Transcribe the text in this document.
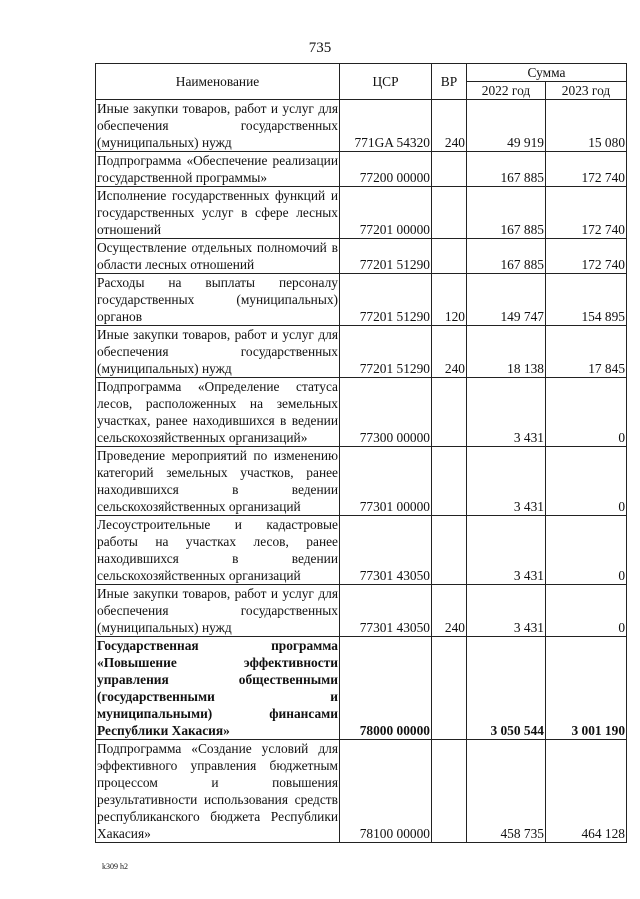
735
Наименование	ЦСР	ВР	Сумма	
			2022 год	2023 год
Иные закупки товаров, работ и услуг для обеспечения государственных (муниципальных) нужд	771GA 54320	240	49 919	15 080
Подпрограмма «Обеспечение реализации государственной программы»	77200 00000		167 885	172 740
Исполнение государственных функций и государственных услуг в сфере лесных отношений	77201 00000		167 885	172 740
Осуществление отдельных полномочий в области лесных отношений	77201 51290		167 885	172 740
Расходы на выплаты персоналу государственных (муниципальных) органов	77201 51290	120	149 747	154 895
Иные закупки товаров, работ и услуг для обеспечения государственных (муниципальных) нужд	77201 51290	240	18 138	17 845
Подпрограмма «Определение статуса лесов, расположенных на земельных участках, ранее находившихся в ведении сельскохозяйственных организаций»	77300 00000		3 431	0
Проведение мероприятий по изменению категорий земельных участков, ранее находившихся в ведении сельскохозяйственных организаций	77301 00000		3 431	0
Лесоустроительные и кадастровые работы на участках лесов, ранее находившихся в ведении сельскохозяйственных организаций	77301 43050		3 431	0
Иные закупки товаров, работ и услуг для обеспечения государственных (муниципальных) нужд	77301 43050	240	3 431	0
Государственная программа «Повышение эффективности управления общественными (государственными и муниципальными) финансами Республики Хакасия»	78000 00000		3 050 544	3 001 190
Подпрограмма «Создание условий для эффективного управления бюджетным процессом и повышения результативности использования средств республиканского бюджета Республики Хакасия»	78100 00000		458 735	464 128
k309 h2
